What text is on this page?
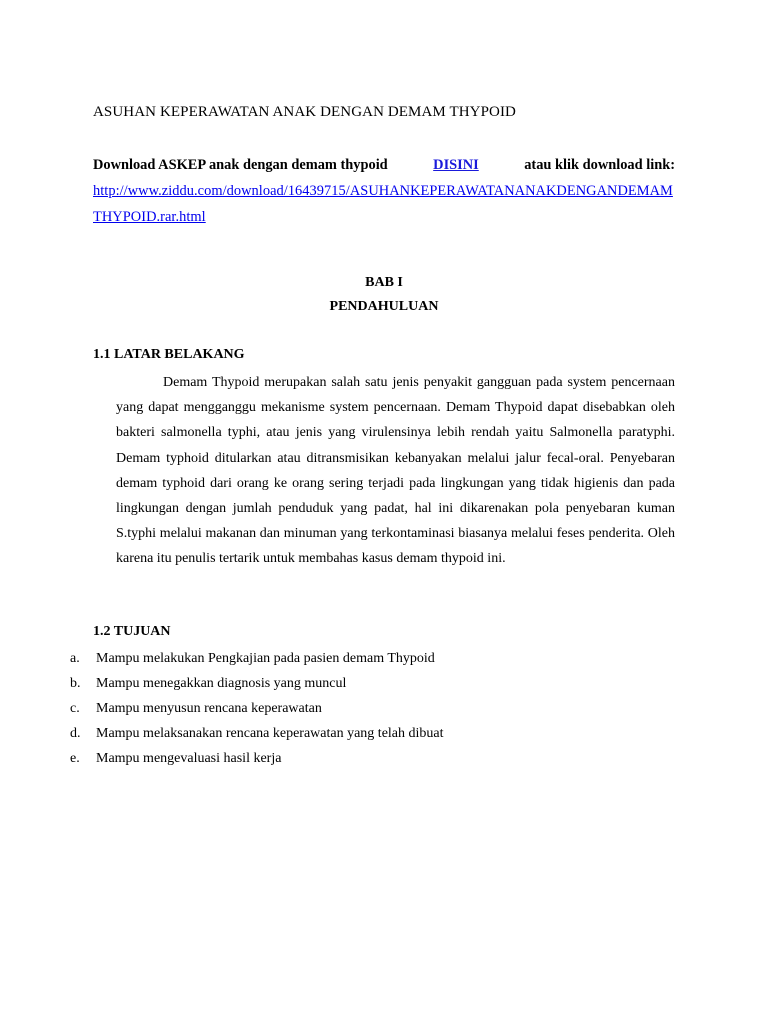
ASUHAN KEPERAWATAN ANAK DENGAN DEMAM THYPOID
Download ASKEP anak dengan demam thypoid	DISINI	atau klik download link:
http://www.ziddu.com/download/16439715/ASUHANKEPERAWATANANAKDENGANDEMAMTHYPOID.rar.html
BAB I
PENDAHULUAN
1.1 LATAR BELAKANG

Demam Thypoid merupakan salah satu jenis penyakit gangguan pada system pencernaan yang dapat mengganggu mekanisme system pencernaan. Demam Thypoid dapat disebabkan oleh bakteri salmonella typhi, atau jenis yang virulensinya lebih rendah yaitu Salmonella paratyphi. Demam typhoid ditularkan atau ditransmisikan kebanyakan melalui jalur fecal-oral. Penyebaran demam typhoid dari orang ke orang sering terjadi pada lingkungan yang tidak higienis dan pada lingkungan dengan jumlah penduduk yang padat, hal ini dikarenakan pola penyebaran kuman S.typhi melalui makanan dan minuman yang terkontaminasi biasanya melalui feses penderita. Oleh karena itu penulis tertarik untuk membahas kasus demam thypoid ini.

1.2 TUJUAN
a.	Mampu melakukan Pengkajian pada pasien demam Thypoid
b.	Mampu menegakkan diagnosis yang muncul
c.	Mampu menyusun rencana keperawatan
d.	Mampu melaksanakan rencana keperawatan yang telah dibuat
e.	Mampu mengevaluasi hasil kerja
